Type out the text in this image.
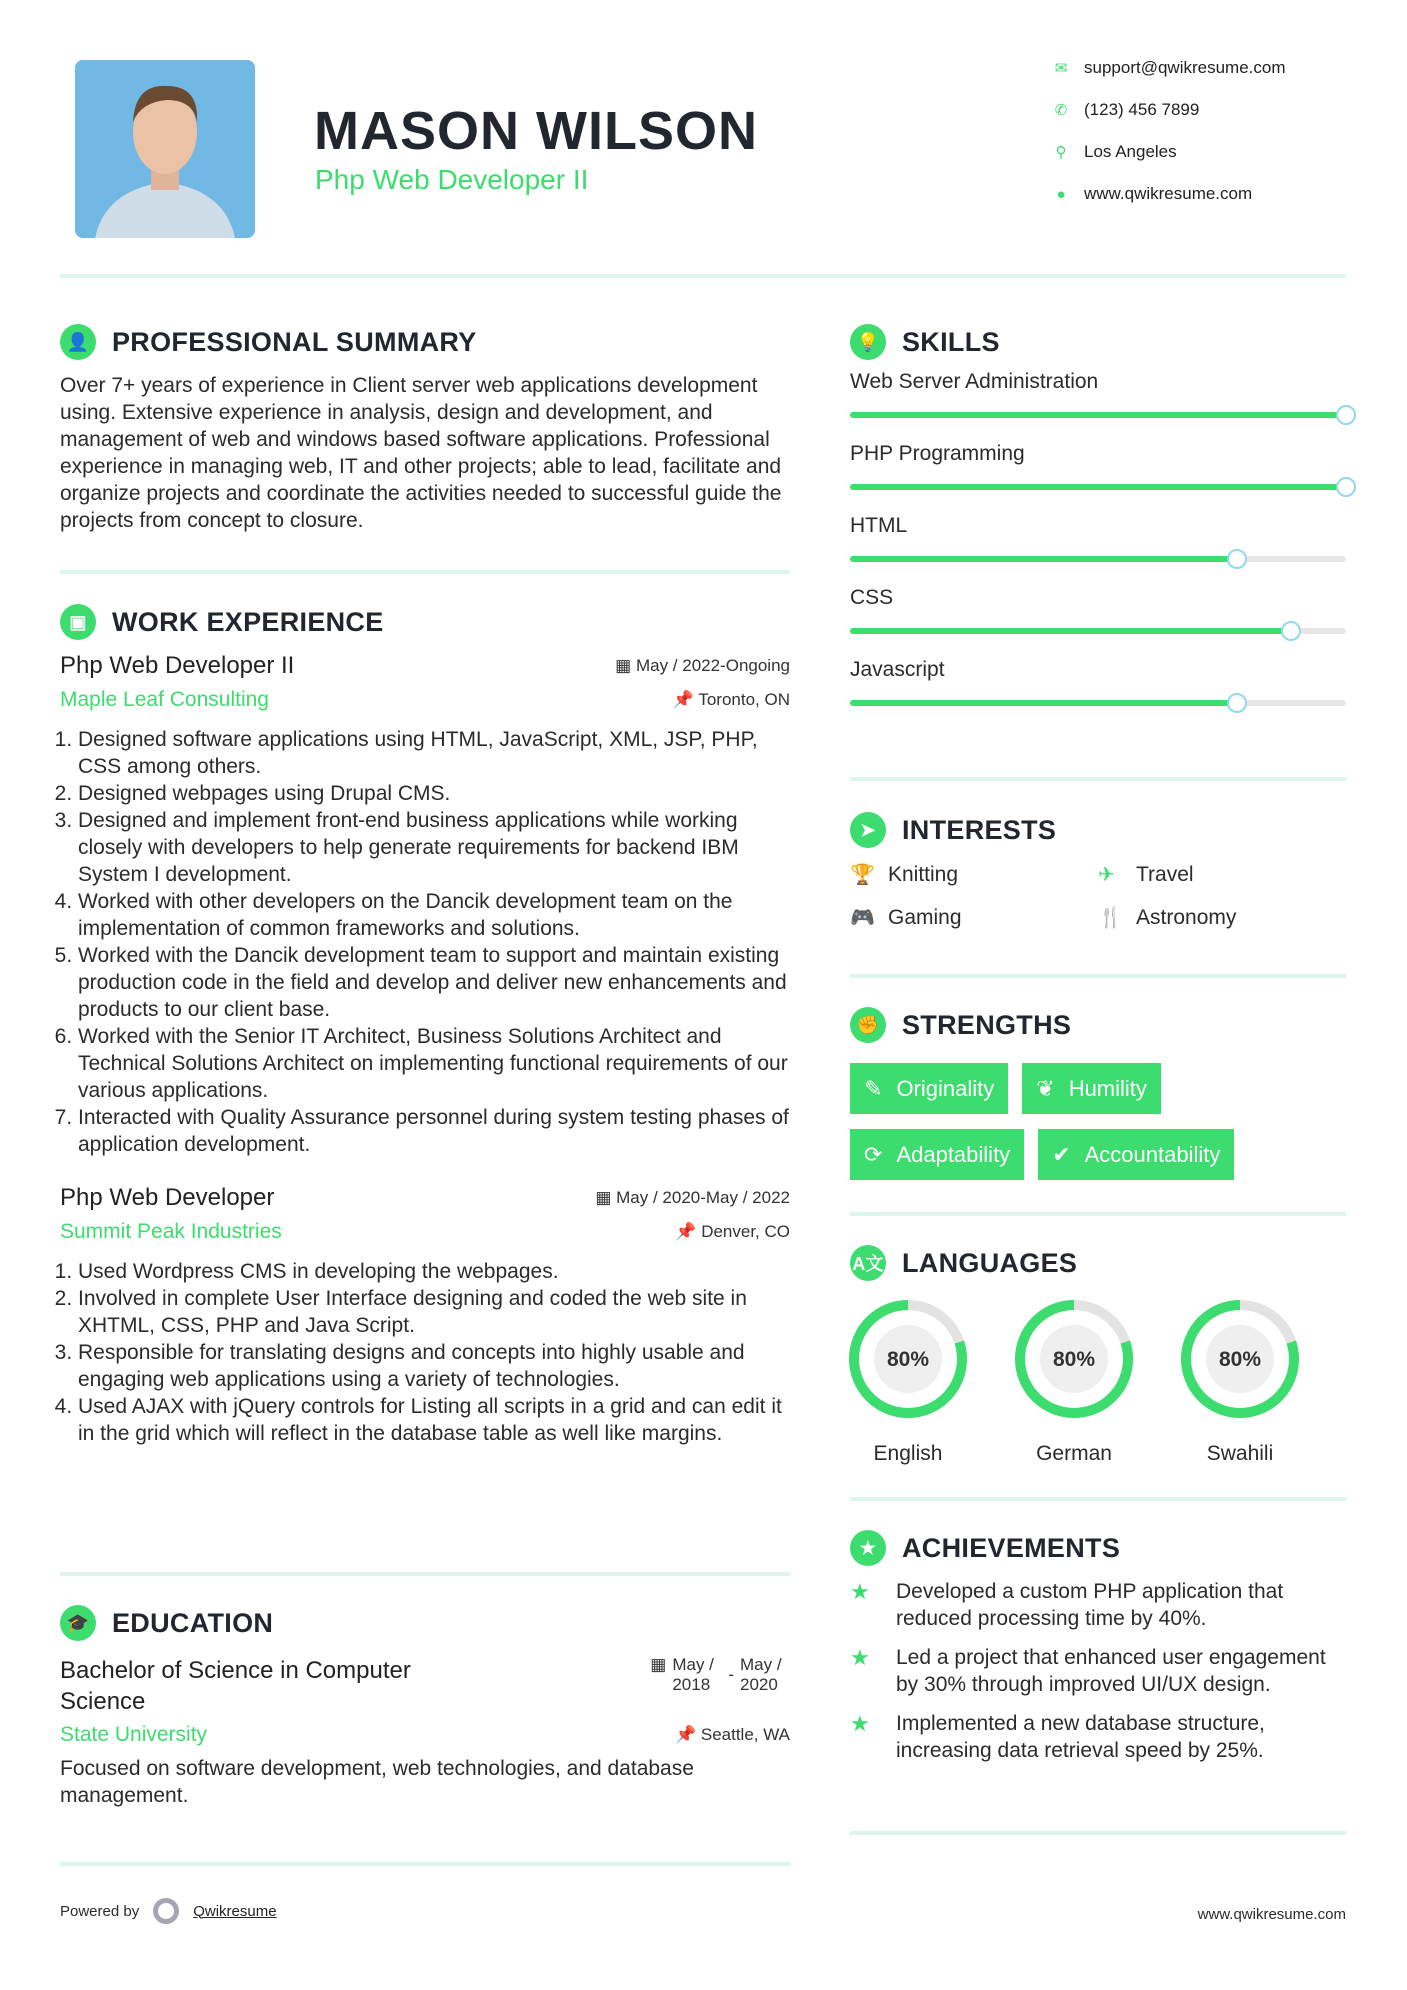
MASON WILSON
Php Web Developer II
✉ support@qwikresume.com
✆ (123) 456 7899
⚲ Los Angeles
● www.qwikresume.com
👤 PROFESSIONAL SUMMARY

Over 7+ years of experience in Client server web applications development using. Extensive experience in analysis, design and development, and management of web and windows based software applications. Professional experience in managing web, IT and other projects; able to lead, facilitate and organize projects and coordinate the activities needed to successful guide the projects from concept to closure.

▣ WORK EXPERIENCE
Php Web Developer II	▦ May / 2022-Ongoing
Maple Leaf Consulting	📌 Toronto, ON
1. Designed software applications using HTML, JavaScript, XML, JSP, PHP, CSS among others.
2. Designed webpages using Drupal CMS.
3. Designed and implement front-end business applications while working closely with developers to help generate requirements for backend IBM System I development.
4. Worked with other developers on the Dancik development team on the implementation of common frameworks and solutions.
5. Worked with the Dancik development team to support and maintain existing production code in the field and develop and deliver new enhancements and products to our client base.
6. Worked with the Senior IT Architect, Business Solutions Architect and Technical Solutions Architect on implementing functional requirements of our various applications.
7. Interacted with Quality Assurance personnel during system testing phases of application development.
Php Web Developer	▦ May / 2020-May / 2022
Summit Peak Industries	📌 Denver, CO
1. Used Wordpress CMS in developing the webpages.
2. Involved in complete User Interface designing and coded the web site in XHTML, CSS, PHP and Java Script.
3. Responsible for translating designs and concepts into highly usable and engaging web applications using a variety of technologies.
4. Used AJAX with jQuery controls for Listing all scripts in a grid and can edit it in the grid which will reflect in the database table as well like margins.
🎓 EDUCATION
Bachelor of Science in Computer Science
▦ May / 2018
-
May / 2020
State University	📌 Seattle, WA

Focused on software development, web technologies, and database management.

💡 SKILLS
Web Server Administration
PHP Programming
HTML
CSS
Javascript
➤ INTERESTS
🏆 Knitting	✈	Travel
🎮 Gaming	🍴 Astronomy
✊ STRENGTHS
✎ Originality ❦ Humility
⟳ Adaptability ✔ Accountability
A文 LANGUAGES
80%
English
80%
German
80%
Swahili
★ ACHIEVEMENTS
★	Developed a custom PHP application that reduced processing time by 40%.
★	Led a project that enhanced user engagement by 30% through improved UI/UX design.
★	Implemented a new database structure, increasing data retrieval speed by 25%.
Powered by	Qwikresume	www.qwikresume.com
